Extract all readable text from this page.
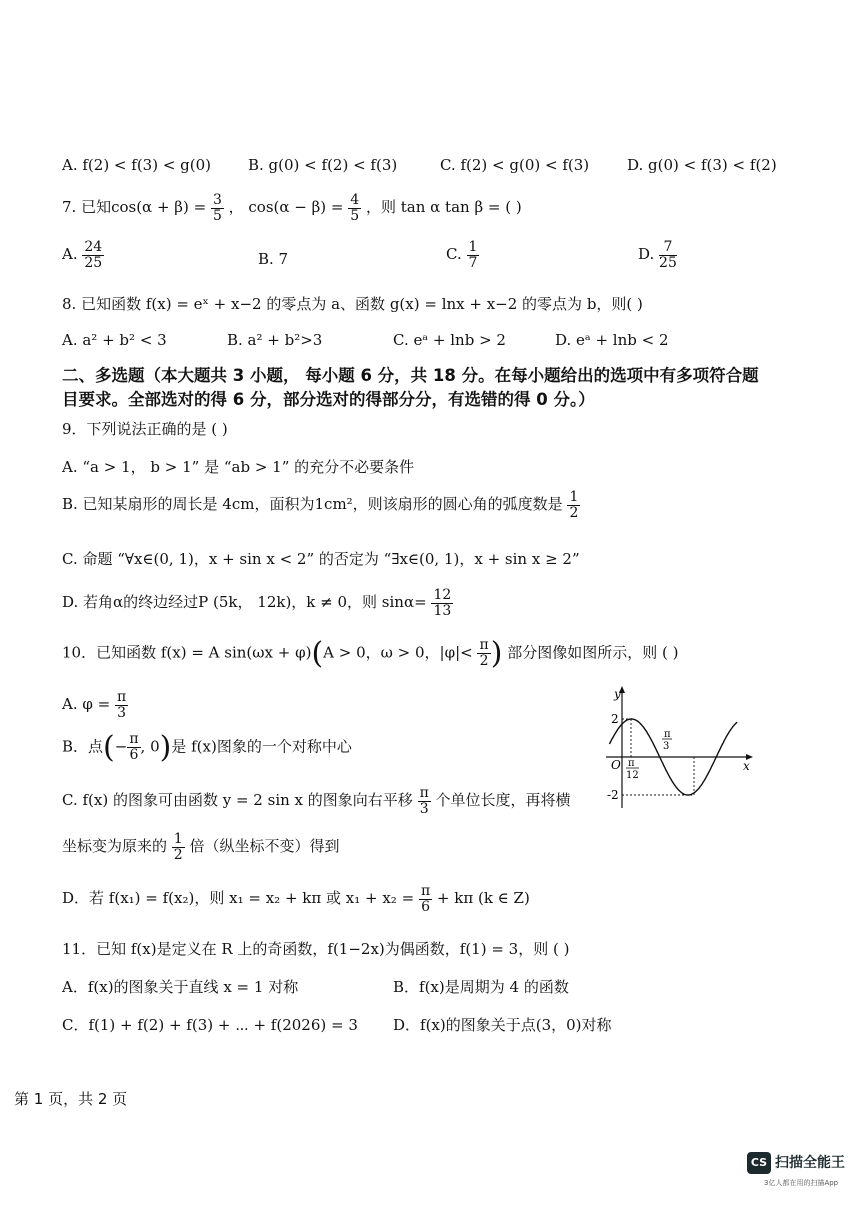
A. f(2) < f(3) < g(0) B. g(0) < f(2) < f(3)	C. f(2) < g(0) < f(3)	D. g(0) < f(3) < f(2)
7. 已知$\cos(\alpha + \beta) = \frac{3}{5}$ ， $\cos(\alpha - \beta) = \frac{4}{5}$ ，则 tan α tan β = ( )
A. $\frac{24}{25}$	B. 7	C. $\frac{1}{7}$	D. $\frac{7}{25}$
8. 已知函数 f(x) = eˣ + x−2 的零点为 a、函数 g(x) = lnx + x−2 的零点为 b，则( )
A. a² + b² < 3	B. a² + b²>3	C. eᵃ + lnb > 2	D. eᵃ + lnb < 2
二、多选题（本大题共 3 小题， 每小题 6 分，共 18 分。在每小题给出的选项中有多项符合题
目要求。全部选对的得 6 分，部分选对的得部分分，有选错的得 0 分。）
9．下列说法正确的是 ( )
A. “a > 1， b > 1” 是 “ab > 1” 的充分不必要条件
B. 已知某扇形的周长是 4cm，面积为1cm²，则该扇形的圆心角的弧度数是 $\frac{1}{2}$
C. 命题 “∀x∈(0, 1)，x + sin x < 2” 的否定为 “∃x∈(0, 1)，x + sin x ≥ 2”
D. 若角α的终边经过P (5k， 12k)，k ≠ 0，则 $\sin\alpha= \frac{12}{13}$
10．已知函数 f(x) = A sin(ωx + φ)(A > 0，ω > 0，$|\varphi|< \frac{\pi}{2}$ ) 部分图像如图所示，则 ( )
A. $\varphi = \frac{\pi}{3}$
B．点(− $\frac{\pi}{6}$ , 0)是 f(x)图象的一个对称中心
C. f(x) 的图象可由函数 y = 2 sin x 的图象向右平移 $\frac{\pi}{3}$ 个单位长度，再将横
坐标变为原来的 $\frac{1}{2}$ 倍（纵坐标不变）得到
D．若 f(x₁) = f(x₂)，则 x₁ = x₂ + kπ 或 $x_1 + x_2 = \frac{\pi}{6} + k\pi$ (k ∈ Z)
y
x
O
2
-2
π
12
π
3
11．已知 f(x)是定义在 R 上的奇函数，f(1−2x)为偶函数，f(1) = 3，则 ( )
A．f(x)的图象关于直线 x = 1 对称	B．f(x)是周期为 4 的函数
C．f(1) + f(2) + f(3) + ⋯ + f(2026) = 3 D．f(x)的图象关于点(3，0)对称
第 1 页，共 2 页
CS 扫描全能王
3亿人都在用的扫描App
